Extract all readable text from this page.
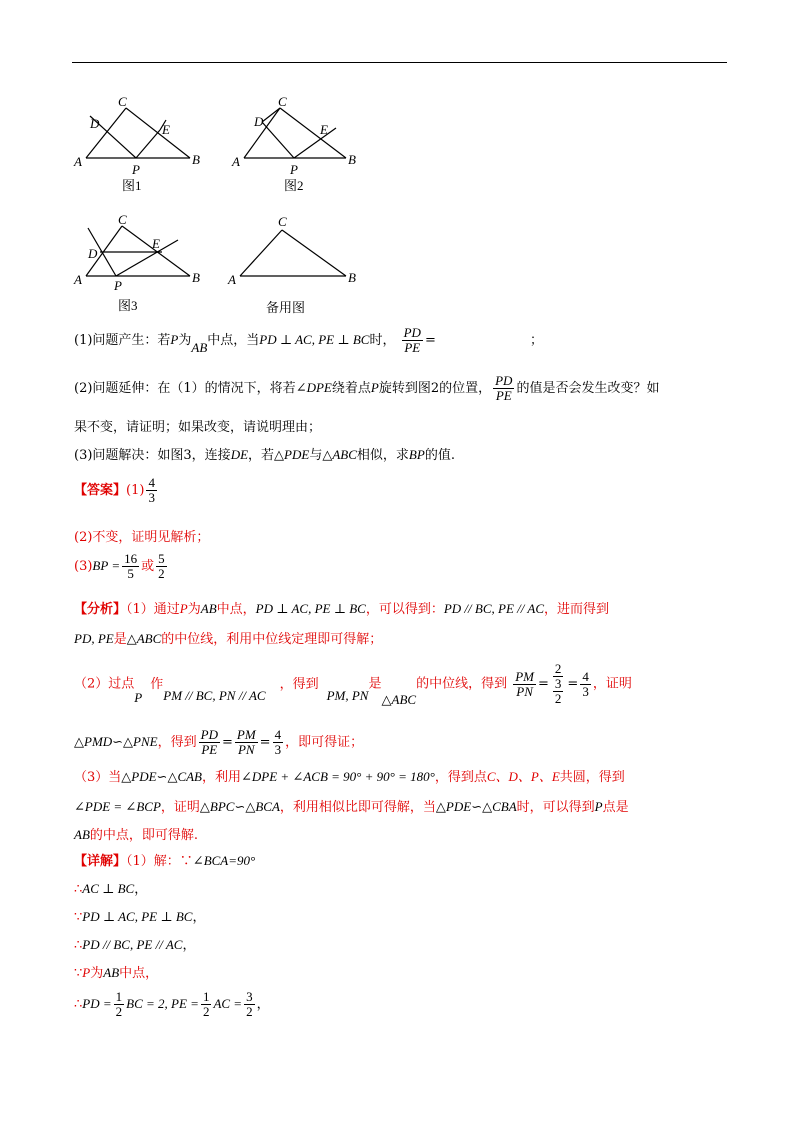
C
D	E
A	B
P
图1
C
D
E
A	B
P
图2
C
D
E
A	B
P
图3
C
A	B
备用图
(1)问题产生：若P为AB中点，当PD ⊥ AC, PE ⊥ BC时， $\frac{PD}{PE}$ =	；
(2)问题延伸：在（1）的情况下，将若∠DPE绕着点P旋转到图2的位置， $\frac{PD}{PE}$ 的值是否会发生改变？如
果不变，请证明；如果改变，请说明理由；
(3)问题解决：如图3，连接DE，若△PDE与△ABC相似，求BP的值.
【答案】$(1) \frac{4}{3}$
(2)不变，证明见解析；
$(3)BP = \frac{16}{5}$ 或 $\frac{5}{2}$
【分析】（1）通过P为AB中点，PD ⊥ AC, PE ⊥ BC，可以得到：PD // BC, PE // AC，进而得到
PD, PE是△ABC的中位线，利用中位线定理即可得解；
（2）过点P作PM // BC, PN // AC，得到PM, PN是△ABC的中位线，得到 $\frac{PM}{PN} = \frac{2}{\frac{3}{2}} = \frac{4}{3}$ ，证明
△PMD∽△PNE，得到 $\frac{PD}{PE} = \frac{PM}{PN} = \frac{4}{3}$ ，即可得证；
（3）当△PDE∽△CAB，利用∠DPE + ∠ACB = 90° + 90° = 180°，得到点C、D、P、E共圆，得到
∠PDE = ∠BCP，证明△BPC∽△BCA，利用相似比即可得解，当△PDE∽△CBA时，可以得到P点是
AB的中点，即可得解.
【详解】（1）解：∵∠BCA=90°
∴AC ⊥ BC，
∵PD ⊥ AC, PE ⊥ BC，
∴PD // BC, PE // AC，
∵P为AB中点，
∴PD = $\frac{1}{2}$ BC = 2, PE = $\frac{1}{2}$ AC = $\frac{3}{2}$ ，
